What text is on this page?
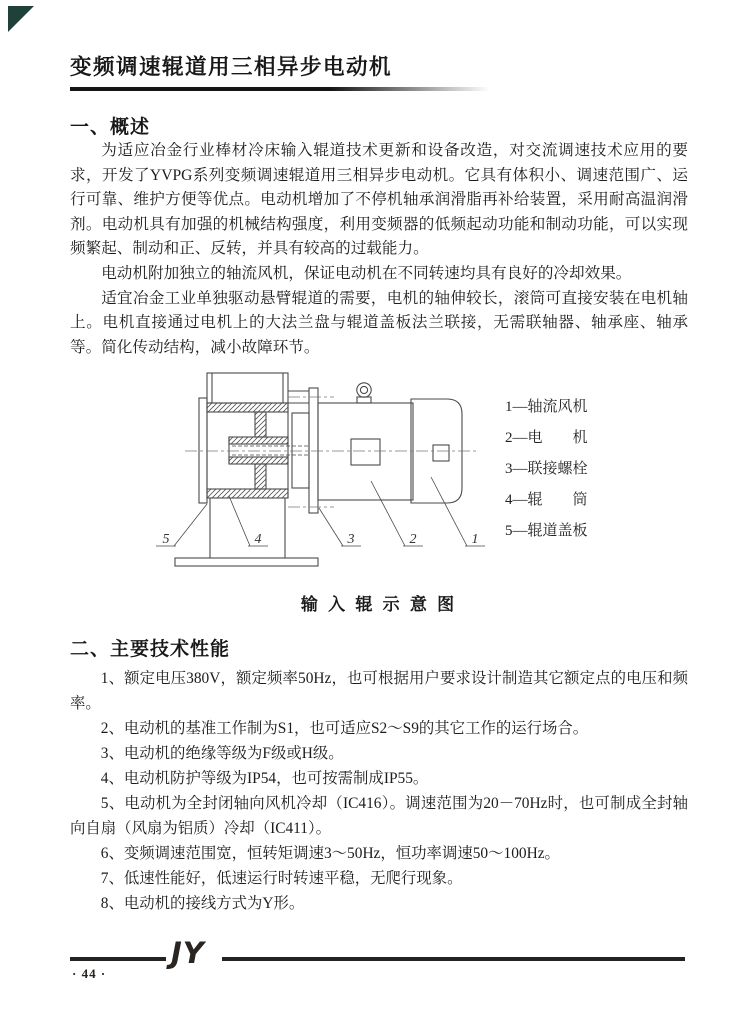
变频调速辊道用三相异步电动机
一、概述

为适应冶金行业棒材冷床输入辊道技术更新和设备改造，对交流调速技术应用的要求，开发了YVPG系列变频调速辊道用三相异步电动机。它具有体积小、调速范围广、运行可靠、维护方便等优点。电动机增加了不停机轴承润滑脂再补给装置，采用耐高温润滑剂。电动机具有加强的机械结构强度，利用变频器的低频起动功能和制动功能，可以实现频繁起、制动和正、反转，并具有较高的过载能力。

电动机附加独立的轴流风机，保证电动机在不同转速均具有良好的冷却效果。

适宜冶金工业单独驱动悬臂辊道的需要，电机的轴伸较长，滚筒可直接安装在电机轴上。电机直接通过电机上的大法兰盘与辊道盖板法兰联接，无需联轴器、轴承座、轴承等。简化传动结构，减小故障环节。

5	4	3	2	1
1—轴流风机
2—电　　机
3—联接螺栓
4—辊　　筒
5—辊道盖板

输 入 辊 示 意 图

二、主要技术性能

1、额定电压380V，额定频率50Hz，也可根据用户要求设计制造其它额定点的电压和频率。

2、电动机的基准工作制为S1，也可适应S2～S9的其它工作的运行场合。

3、电动机的绝缘等级为F级或H级。

4、电动机防护等级为IP54，也可按需制成IP55。

5、电动机为全封闭轴向风机冷却（IC416）。调速范围为20－70Hz时，也可制成全封轴向自扇（风扇为铝质）冷却（IC411）。

6、变频调速范围宽，恒转矩调速3～50Hz，恒功率调速50～100Hz。

7、低速性能好，低速运行时转速平稳，无爬行现象。

8、电动机的接线方式为Y形。

JY
· 44 ·
